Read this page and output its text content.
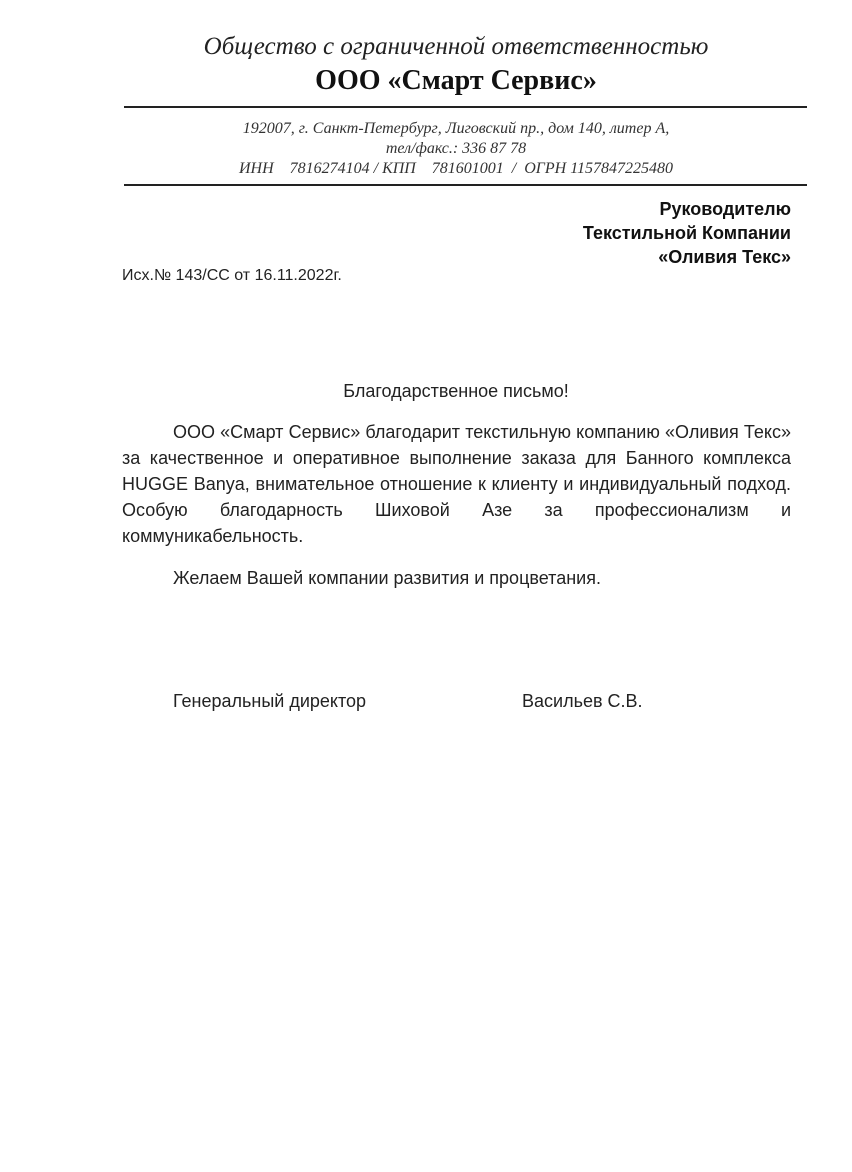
Общество с ограниченной ответственностью
ООО «Смарт Сервис»
192007, г. Санкт-Петербург, Лиговский пр., дом 140, литер А,
тел/факс.: 336 87 78
ИНН    7816274104 / КПП    781601001  /  ОГРН 1157847225480
Руководителю
Текстильной Компании
«Оливия Текс»
Исх.№ 143/СС от 16.11.2022г.
Благодарственное письмо!

ООО «Смарт Сервис» благодарит текстильную компанию «Оливия Текс» за качественное и оперативное выполнение заказа для Банного комплекса HUGGE Banya, внимательное отношение к клиенту и индивидуальный подход. Особую благодарность Шиховой Азе за профессионализм и коммуникабельность.

Желаем Вашей компании развития и процветания.

Генеральный директор	Васильев С.В.
